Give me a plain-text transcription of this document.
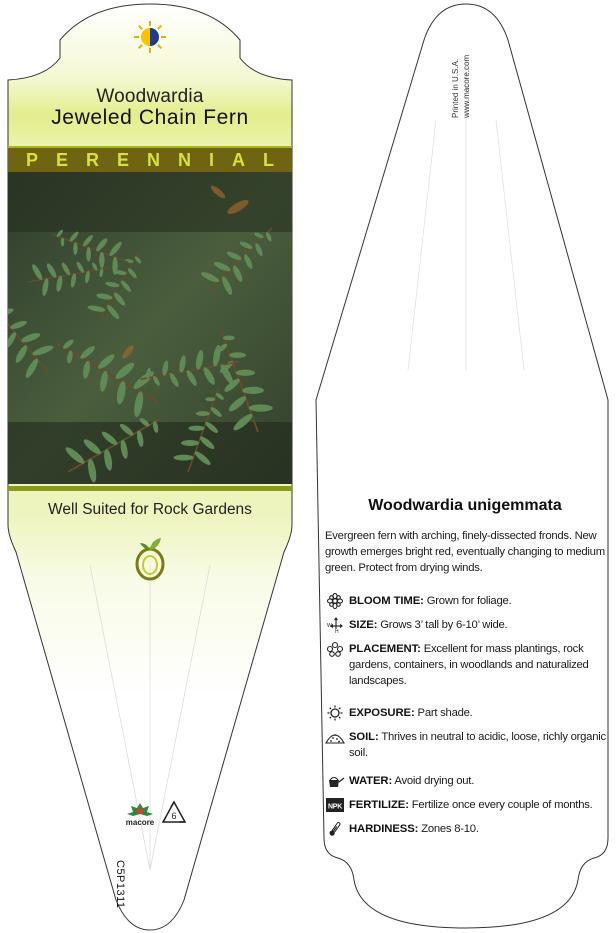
Woodwardia
Jeweled Chain Fern
PERENNIAL
Well Suited for Rock Gardens
macore
6
C5P1311
Printed in U.S.A. www.macore.com
Woodwardia unigemmata
Evergreen fern with arching, finely-dissected fronds. New growth emerges bright red, eventually changing to medium green. Protect from drying winds.
BLOOM TIME: Grown for foliage.
W
H
SIZE: Grows 3’ tall by 6-10’ wide.
PLACEMENT: Excellent for mass plantings, rock gardens, containers, in woodlands and naturalized landscapes.
EXPOSURE: Part shade.
SOIL: Thrives in neutral to acidic, loose, richly organic soil.
WATER: Avoid drying out.
NPK FERTILIZE: Fertilize once every couple of months.
HARDINESS: Zones 8-10.
